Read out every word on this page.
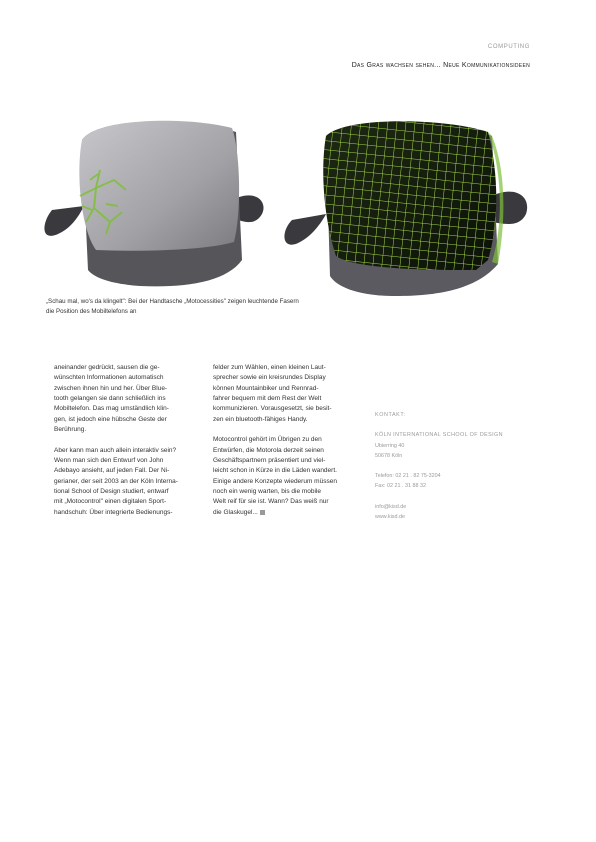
COMPUTING
Das Gras wachsen sehen... Neue Kommunikationsideen
„Schau mal, wo's da klingelt": Bei der Handtasche „Motocessities" zeigen leuchtende Fasern
die Position des Mobiltelefons an

aneinander gedrückt, sausen die ge-
wünschten Informationen automatisch
zwischen ihnen hin und her. Über Blue-
tooth gelangen sie dann schließlich ins
Mobiltelefon. Das mag umständlich klin-
gen, ist jedoch eine hübsche Geste der
Berührung.

Aber kann man auch allein interaktiv sein?
Wenn man sich den Entwurf von John
Adebayo ansieht, auf jeden Fall. Der Ni-
gerianer, der seit 2003 an der Köln Interna-
tional School of Design studiert, entwarf
mit „Motocontrol" einen digitalen Sport-
handschuh: Über integrierte Bedienungs-

felder zum Wählen, einen kleinen Laut-
sprecher sowie ein kreisrundes Display
können Mountainbiker und Rennrad-
fahrer bequem mit dem Rest der Welt
kommunizieren. Vorausgesetzt, sie besit-
zen ein bluetooth-fähiges Handy.

Motocontrol gehört im Übrigen zu den
Entwürfen, die Motorola derzeit seinen
Geschäftspartnern präsentiert und viel-
leicht schon in Kürze in die Läden wandert.
Einige andere Konzepte wiederum müssen
noch ein wenig warten, bis die mobile
Welt reif für sie ist. Wann? Das weiß nur
die Glaskugel...

KONTAKT:
KÖLN INTERNATIONAL SCHOOL OF DESIGN
Ubierring 40
50678 Köln
Telefon: 02 21 . 82 75-3204
Fax: 02 21 . 31 88 32
info@kisd.de
www.kisd.de
